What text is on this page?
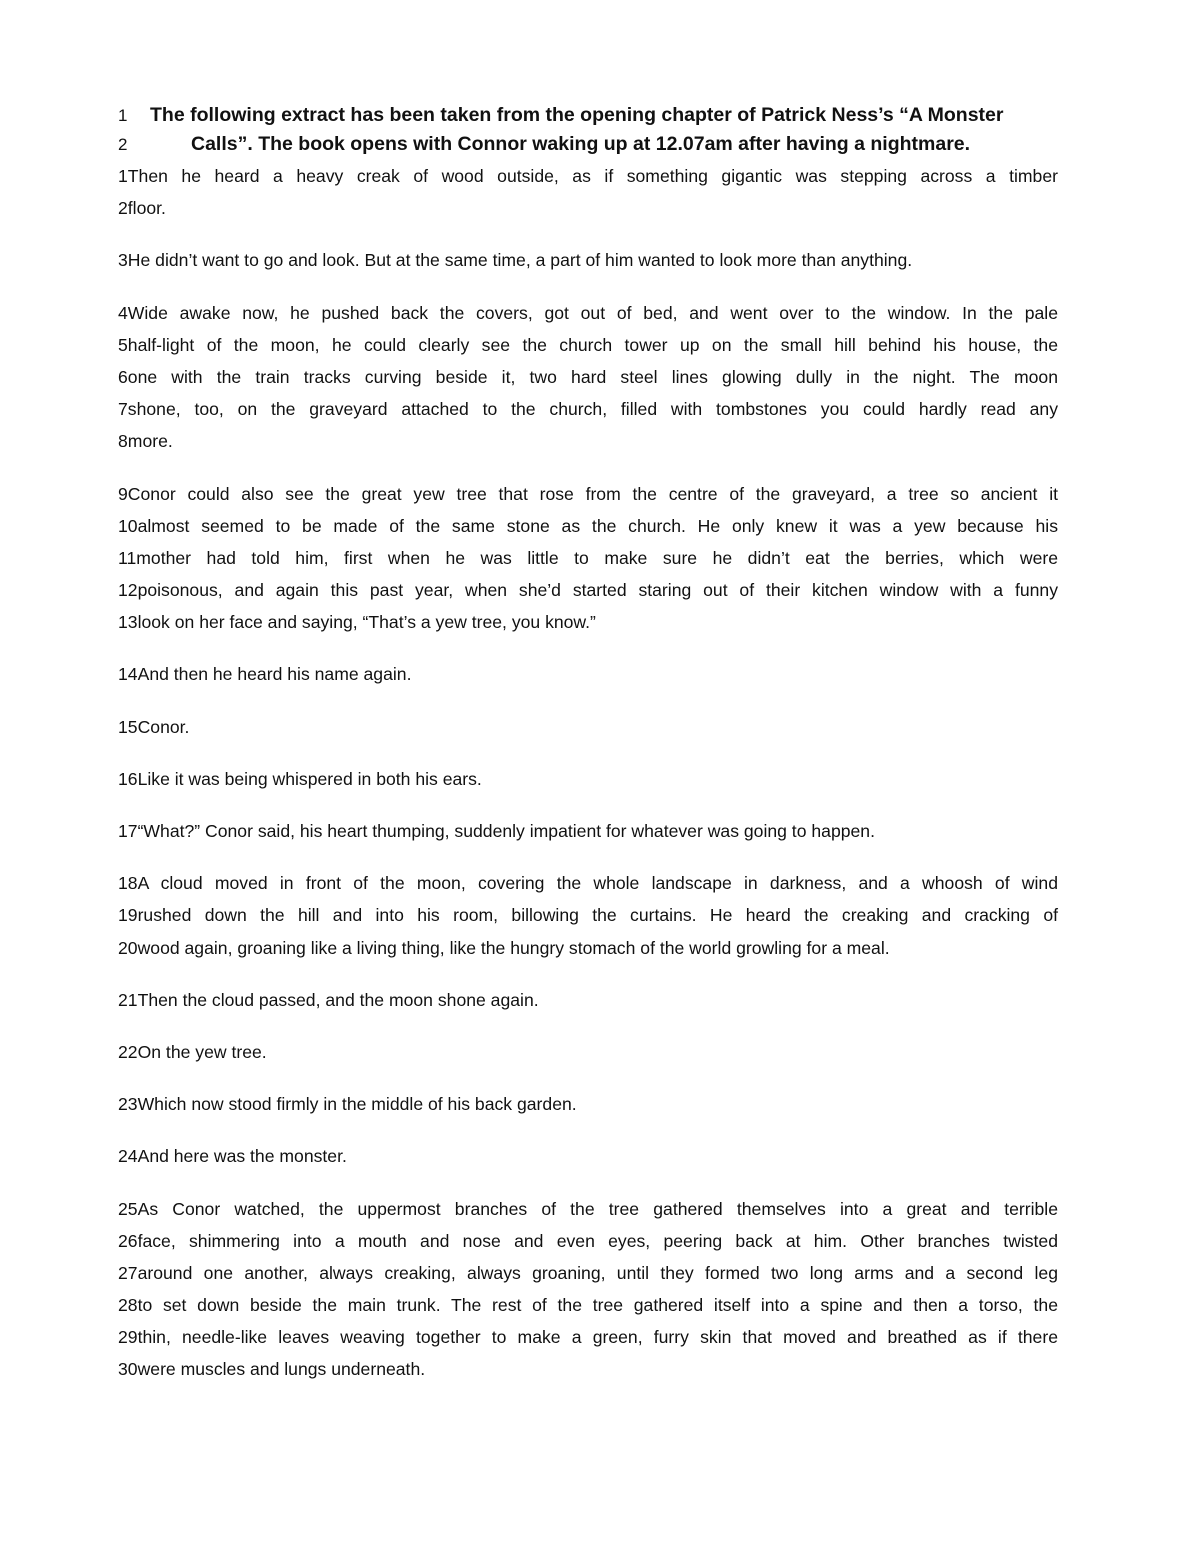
1 The following extract has been taken from the opening chapter of Patrick Ness’s “A Monster
2	Calls”. The book opens with Connor waking up at 12.07am after having a nightmare.
1Then he heard a heavy creak of wood outside, as if something gigantic was stepping across a timber
2floor.
3He didn’t want to go and look. But at the same time, a part of him wanted to look more than anything.
4Wide awake now, he pushed back the covers, got out of bed, and went over to the window. In the pale
5half-light of the moon, he could clearly see the church tower up on the small hill behind his house, the
6one with the train tracks curving beside it, two hard steel lines glowing dully in the night. The moon
7shone, too, on the graveyard attached to the church, filled with tombstones you could hardly read any
8more.
9Conor could also see the great yew tree that rose from the centre of the graveyard, a tree so ancient it
10almost seemed to be made of the same stone as the church. He only knew it was a yew because his
11mother had told him, first when he was little to make sure he didn’t eat the berries, which were
12poisonous, and again this past year, when she’d started staring out of their kitchen window with a funny
13look on her face and saying, “That’s a yew tree, you know.”
14And then he heard his name again.
15Conor.
16Like it was being whispered in both his ears.
17“What?” Conor said, his heart thumping, suddenly impatient for whatever was going to happen.
18A cloud moved in front of the moon, covering the whole landscape in darkness, and a whoosh of wind
19rushed down the hill and into his room, billowing the curtains. He heard the creaking and cracking of
20wood again, groaning like a living thing, like the hungry stomach of the world growling for a meal.
21Then the cloud passed, and the moon shone again.
22On the yew tree.
23Which now stood firmly in the middle of his back garden.
24And here was the monster.
25As Conor watched, the uppermost branches of the tree gathered themselves into a great and terrible
26face, shimmering into a mouth and nose and even eyes, peering back at him. Other branches twisted
27around one another, always creaking, always groaning, until they formed two long arms and a second leg
28to set down beside the main trunk. The rest of the tree gathered itself into a spine and then a torso, the
29thin, needle-like leaves weaving together to make a green, furry skin that moved and breathed as if there
30were muscles and lungs underneath.
